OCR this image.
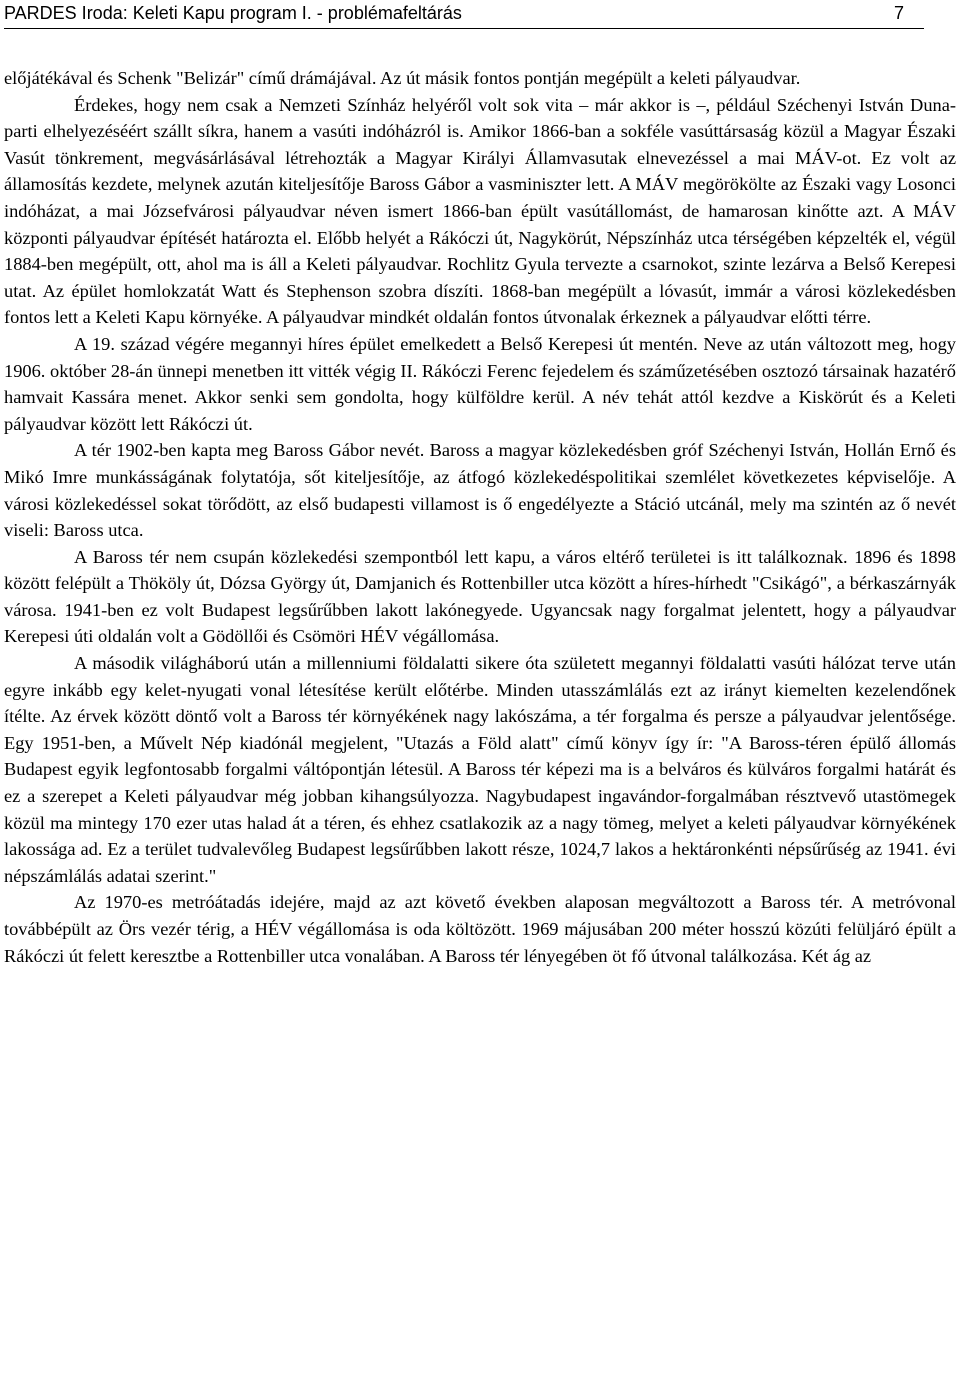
PARDES Iroda: Keleti Kapu program I. - problémafeltárás	7

előjátékával és Schenk "Belizár" című drámájával. Az út másik fontos pontján megépült a keleti pályaudvar.

Érdekes, hogy nem csak a Nemzeti Színház helyéről volt sok vita – már akkor is –, például Széchenyi István Duna-parti elhelyezéséért szállt síkra, hanem a vasúti indóházról is. Amikor 1866-ban a sokféle vasúttársaság közül a Magyar Északi Vasút tönkrement, megvásárlásával létrehozták a Magyar Királyi Államvasutak elnevezéssel a mai MÁV-ot. Ez volt az államosítás kezdete, melynek azután kiteljesítője Baross Gábor a vasminiszter lett. A MÁV megörökölte az Északi vagy Losonci indóházat, a mai Józsefvárosi pályaudvar néven ismert 1866-ban épült vasútállomást, de hamarosan kinőtte azt. A MÁV központi pályaudvar építését határozta el. Előbb helyét a Rákóczi út, Nagykörút, Népszínház utca térségében képzelték el, végül 1884-ben megépült, ott, ahol ma is áll a Keleti pályaudvar. Rochlitz Gyula tervezte a csarnokot, szinte lezárva a Belső Kerepesi utat. Az épület homlokzatát Watt és Stephenson szobra díszíti. 1868-ban megépült a lóvasút, immár a városi közlekedésben fontos lett a Keleti Kapu környéke. A pályaudvar mindkét oldalán fontos útvonalak érkeznek a pályaudvar előtti térre.

A 19. század végére megannyi híres épület emelkedett a Belső Kerepesi út mentén. Neve az után változott meg, hogy 1906. október 28-án ünnepi menetben itt vitték végig II. Rákóczi Ferenc fejedelem és száműzetésében osztozó társainak hazatérő hamvait Kassára menet. Akkor senki sem gondolta, hogy külföldre kerül. A név tehát attól kezdve a Kiskörút és a Keleti pályaudvar között lett Rákóczi út.

A tér 1902-ben kapta meg Baross Gábor nevét. Baross a magyar közlekedésben gróf Széchenyi István, Hollán Ernő és Mikó Imre munkásságának folytatója, sőt kiteljesítője, az átfogó közlekedéspolitikai szemlélet következetes képviselője. A városi közlekedéssel sokat törődött, az első budapesti villamost is ő engedélyezte a Stáció utcánál, mely ma szintén az ő nevét viseli: Baross utca.

A Baross tér nem csupán közlekedési szempontból lett kapu, a város eltérő területei is itt találkoznak. 1896 és 1898 között felépült a Thököly út, Dózsa György út, Damjanich és Rottenbiller utca között a híres-hírhedt "Csikágó", a bérkaszárnyák városa. 1941-ben ez volt Budapest legsűrűbben lakott lakónegyede. Ugyancsak nagy forgalmat jelentett, hogy a pályaudvar Kerepesi úti oldalán volt a Gödöllői és Csömöri HÉV végállomása.

A második világháború után a millenniumi földalatti sikere óta született megannyi földalatti vasúti hálózat terve után egyre inkább egy kelet-nyugati vonal létesítése került előtérbe. Minden utasszámlálás ezt az irányt kiemelten kezelendőnek ítélte. Az érvek között döntő volt a Baross tér környékének nagy lakószáma, a tér forgalma és persze a pályaudvar jelentősége. Egy 1951-ben, a Művelt Nép kiadónál megjelent, "Utazás a Föld alatt" című könyv így ír: "A Baross-téren épülő állomás Budapest egyik legfontosabb forgalmi váltópontján létesül. A Baross tér képezi ma is a belváros és külváros forgalmi határát és ez a szerepet a Keleti pályaudvar még jobban kihangsúlyozza. Nagybudapest ingavándor-forgalmában résztvevő utastömegek közül ma mintegy 170 ezer utas halad át a téren, és ehhez csatlakozik az a nagy tömeg, melyet a keleti pályaudvar környékének lakossága ad. Ez a terület tudvalevőleg Budapest legsűrűbben lakott része, 1024,7 lakos a hektáronkénti népsűrűség az 1941. évi népszámlálás adatai szerint."

Az 1970-es metróátadás idejére, majd az azt követő években alaposan megváltozott a Baross tér. A metróvonal továbbépült az Örs vezér térig, a HÉV végállomása is oda költözött. 1969 májusában 200 méter hosszú közúti felüljáró épült a Rákóczi út felett keresztbe a Rottenbiller utca vonalában. A Baross tér lényegében öt fő útvonal találkozása. Két ág az
